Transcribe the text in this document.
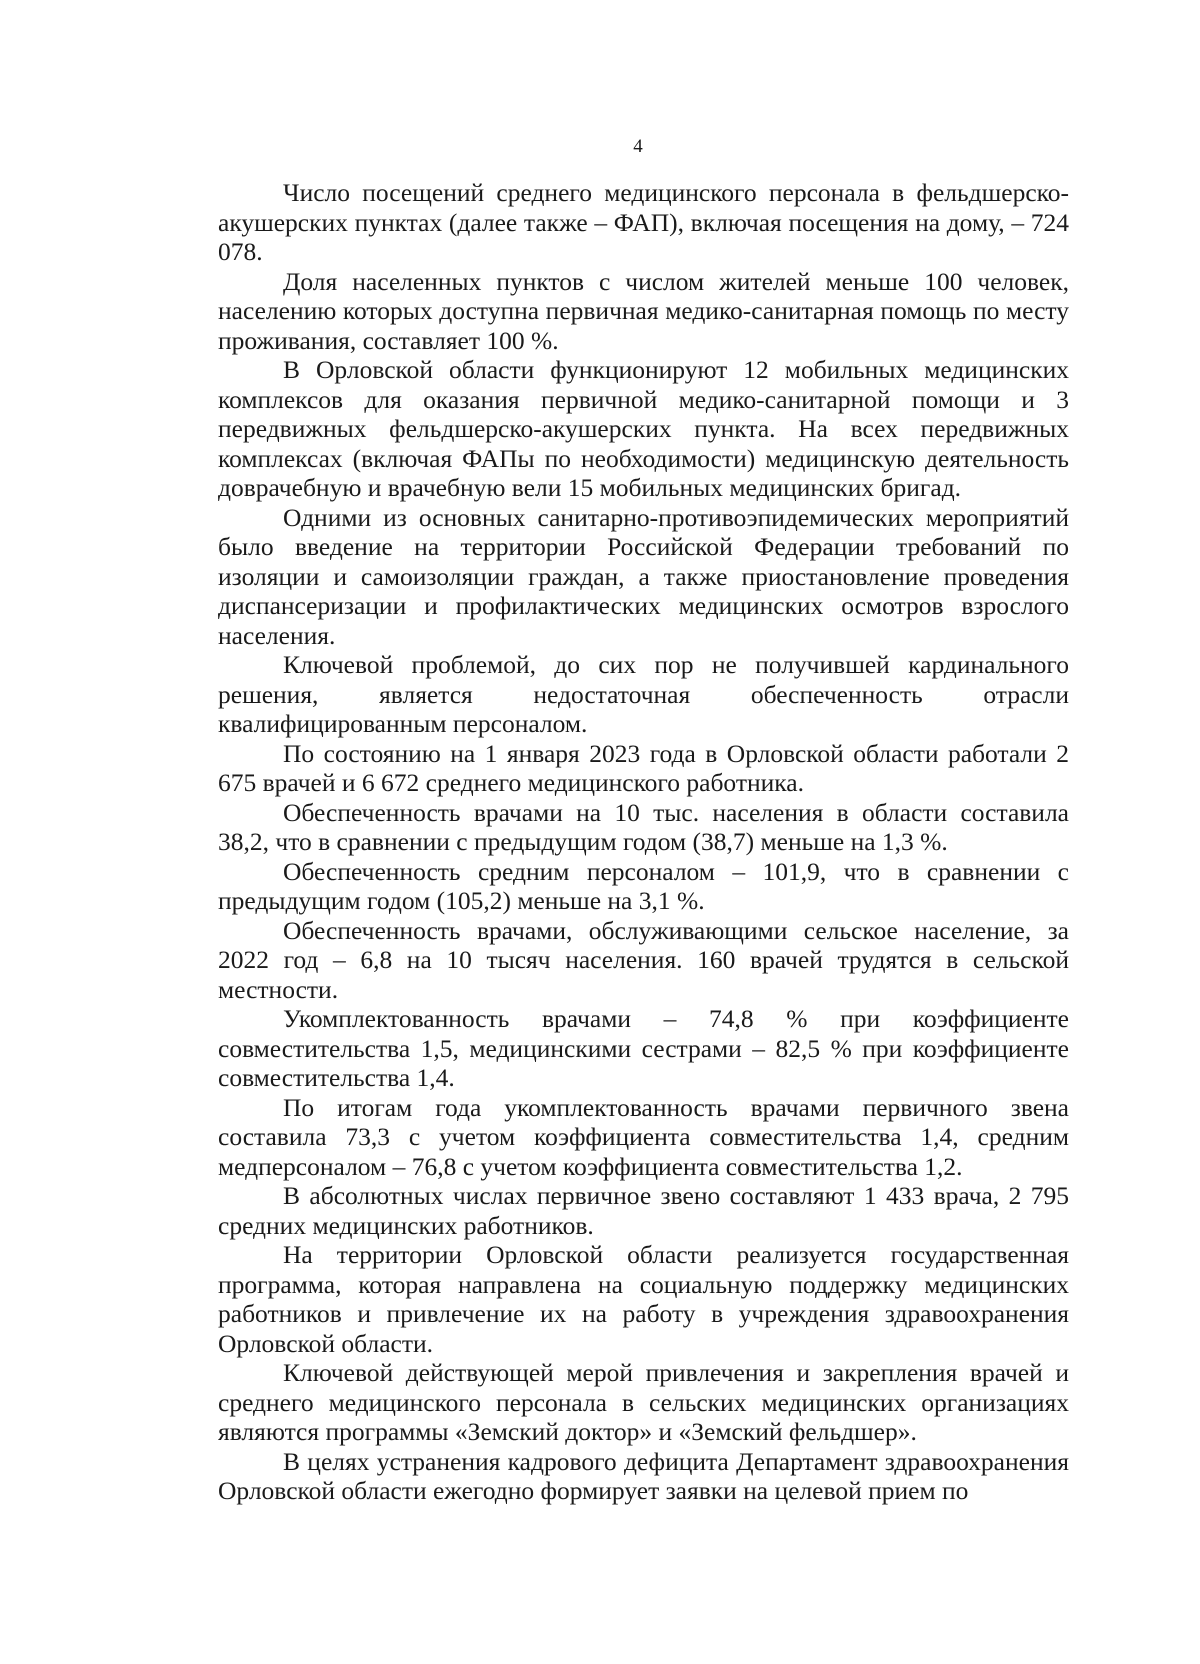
4

Число посещений среднего медицинского персонала в фельдшерско-акушерских пунктах (далее также – ФАП), включая посещения на дому, – 724 078.

Доля населенных пунктов с числом жителей меньше 100 человек, населению которых доступна первичная медико-санитарная помощь по месту проживания, составляет 100 %.

В Орловской области функционируют 12 мобильных медицинских комплексов для оказания первичной медико-санитарной помощи и 3 передвижных фельдшерско-акушерских пункта. На всех передвижных комплексах (включая ФАПы по необходимости) медицинскую деятельность доврачебную и врачебную вели 15 мобильных медицинских бригад.

Одними из основных санитарно-противоэпидемических мероприятий было введение на территории Российской Федерации требований по изоляции и самоизоляции граждан, а также приостановление проведения диспансеризации и профилактических медицинских осмотров взрослого населения.

Ключевой проблемой, до сих пор не получившей кардинального решения, является недостаточная обеспеченность отрасли квалифицированным персоналом.

По состоянию на 1 января 2023 года в Орловской области работали 2 675 врачей и 6 672 среднего медицинского работника.

Обеспеченность врачами на 10 тыс. населения в области составила 38,2, что в сравнении с предыдущим годом (38,7) меньше на 1,3 %.

Обеспеченность средним персоналом – 101,9, что в сравнении с предыдущим годом (105,2) меньше на 3,1 %.

Обеспеченность врачами, обслуживающими сельское население, за 2022 год – 6,8 на 10 тысяч населения. 160 врачей трудятся в сельской местности.

Укомплектованность врачами – 74,8 % при коэффициенте совместительства 1,5, медицинскими сестрами – 82,5 % при коэффициенте совместительства 1,4.

По итогам года укомплектованность врачами первичного звена составила 73,3 с учетом коэффициента совместительства 1,4, средним медперсоналом – 76,8 с учетом коэффициента совместительства 1,2.

В абсолютных числах первичное звено составляют 1 433 врача, 2 795 средних медицинских работников.

На территории Орловской области реализуется государственная программа, которая направлена на социальную поддержку медицинских работников и привлечение их на работу в учреждения здравоохранения Орловской области.

Ключевой действующей мерой привлечения и закрепления врачей и среднего медицинского персонала в сельских медицинских организациях являются программы «Земский доктор» и «Земский фельдшер».

В целях устранения кадрового дефицита Департамент здравоохранения Орловской области ежегодно формирует заявки на целевой прием по
